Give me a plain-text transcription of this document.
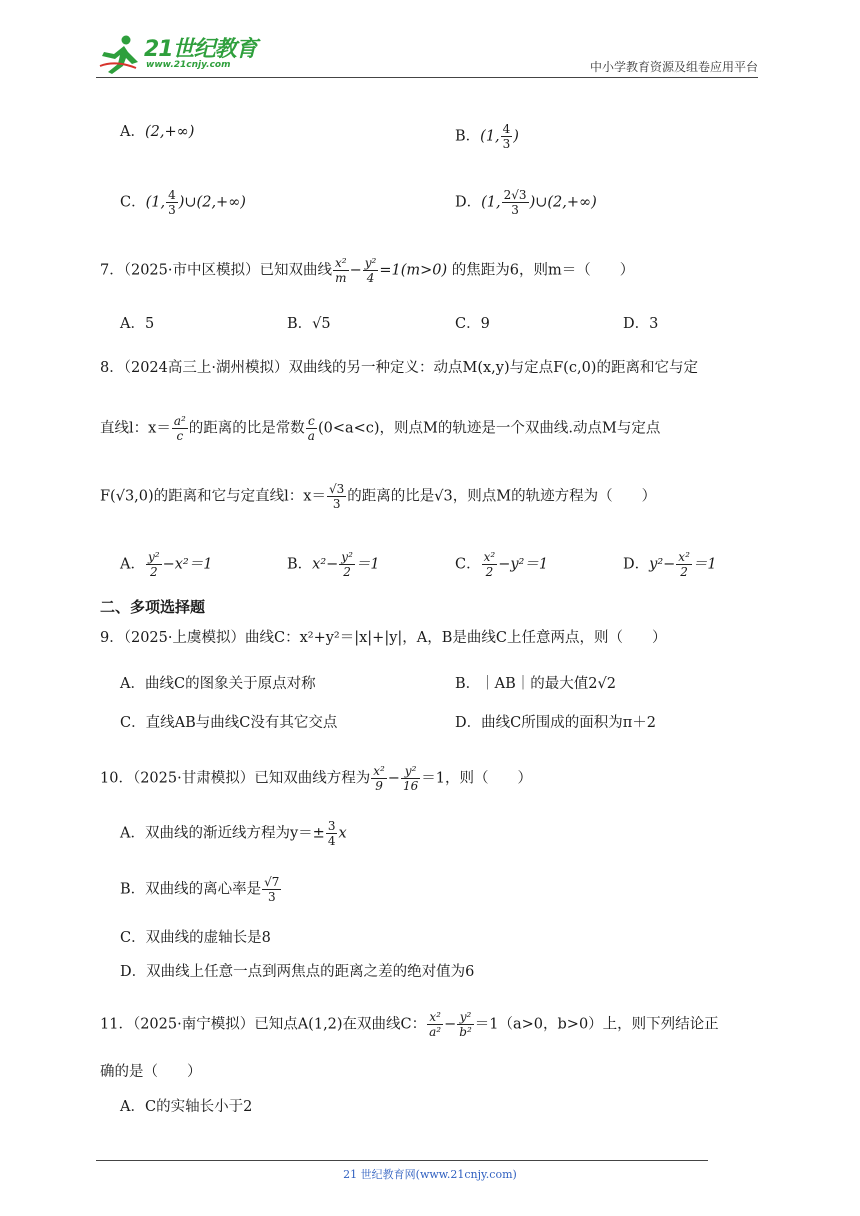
21世纪教育
www.21cnjy.com	中小学教育资源及组卷应用平台
A．(2,+∞)	B．(1, $\frac{4}{3}$ )
C．(1, $\frac{4}{3}$ )∪(2,+∞)	D．(1, $\frac{2√3}{3}$ )∪(2,+∞)
7．（2025·市中区模拟）已知双曲线 $\frac{\text{x²}}{m} - \frac{\text{y²}}{4} =1(m>0)$ 的焦距为6，则m＝（　　）
A．5	B．√5	C．9	D．3
8．（2024高三上·湖州模拟）双曲线的另一种定义：动点M(x,y)与定点F(c,0)的距离和它与定
直线l：$x= \frac{\text{a²}}{c}$ 的距离的比是常数 $\frac{c}{a} (0<a<c)$，则点M的轨迹是一个双曲线.动点M与定点
F(√3,0)的距离和它与定直线l：$x= \frac{√3}{3}$ 的距离的比是√3，则点M的轨迹方程为（　　）
A． $\frac{\text{y²}}{2} -x^2=1$	B．$x^2- \frac{\text{y²}}{2} =1$	C． $\frac{\text{x²}}{2} -y^2=1$	D．$y^2- \frac{\text{x²}}{2} =1$
二、多项选择题
9．（2025·上虞模拟）曲线C：x²+y²＝|x|+|y|，A，B是曲线C上任意两点，则（　　）
A．曲线C的图象关于原点对称	B．｜AB｜的最大值2√2
C．直线AB与曲线C没有其它交点	D．曲线C所围成的面积为π＋2
10．（2025·甘肃模拟）已知双曲线方程为 $\frac{\text{x²}}{9} - \frac{\text{y²}}{16} =1$，则（　　）
A．双曲线的渐近线方程为$y=\pm \frac{3}{4}$ x
B．双曲线的离心率是 $\frac{√7}{3}$
C．双曲线的虚轴长是8
D．双曲线上任意一点到两焦点的距离之差的绝对值为6
11．（2025·南宁模拟）已知点A(1,2)在双曲线C： $\frac{\text{x²}}{\text{a²}} - \frac{\text{y²}}{\text{b²}} =1(a>0$，b>0）上，则下列结论正
确的是（　　）
A．C的实轴长小于2
21 世纪教育网(www.21cnjy.com)
